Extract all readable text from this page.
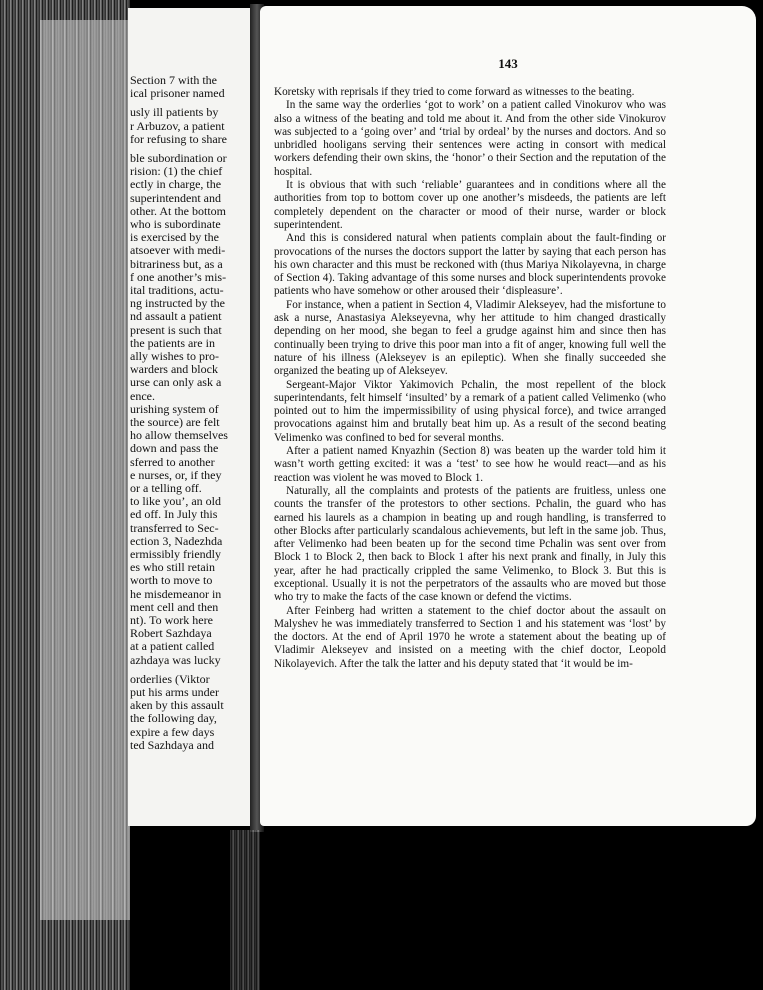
Section 7 with the
ical prisoner named
usly ill patients by
r Arbuzov, a patient
for refusing to share
ble subordination or
rision: (1) the chief
ectly in charge, the
superintendent and
other. At the bottom
who is subordinate
is exercised by the
atsoever with medi-
bitrariness but, as a
f one another’s mis-
ital traditions, actu-
ng instructed by the
nd assault a patient
present is such that
the patients are in
ally wishes to pro-
warders and block
urse can only ask a
ence.
urishing system of
the source) are felt
ho allow themselves
down and pass the
sferred to another
e nurses, or, if they
or a telling off.
to like you’, an old
ed off. In July this
transferred to Sec-
ection 3, Nadezhda
ermissibly friendly
es who still retain
worth to move to
he misdemeanor in
ment cell and then
nt). To work here
Robert Sazhdaya
at a patient called
azhdaya was lucky
orderlies (Viktor
put his arms under
aken by this assault
the following day,
expire a few days
ted Sazhdaya and
143

Koretsky with reprisals if they tried to come forward as witnesses to the beating.

In the same way the orderlies ‘got to work’ on a patient called Vinokurov who was also a witness of the beating and told me about it. And from the other side Vinokurov was subjected to a ‘going over’ and ‘trial by ordeal’ by the nurses and doctors. And so unbridled hooligans serving their sentences were acting in consort with medical workers defending their own skins, the ‘honor’ o their Section and the reputation of the hospital.

It is obvious that with such ‘reliable’ guarantees and in conditions where all the authorities from top to bottom cover up one another’s misdeeds, the patients are left completely dependent on the character or mood of their nurse, warder or block superintendent.

And this is considered natural when patients complain about the fault-finding or provocations of the nurses the doctors support the latter by saying that each person has his own character and this must be reckoned with (thus Mariya Nikolayevna, in charge of Section 4). Taking advantage of this some nurses and block superintendents provoke patients who have somehow or other aroused their ‘displeasure’.

For instance, when a patient in Section 4, Vladimir Alekseyev, had the misfortune to ask a nurse, Anastasiya Alekseyevna, why her attitude to him changed drastically depending on her mood, she began to feel a grudge against him and since then has continually been trying to drive this poor man into a fit of anger, knowing full well the nature of his illness (Alekseyev is an epileptic). When she finally succeeded she organized the beating up of Alekseyev.

Sergeant-Major Viktor Yakimovich Pchalin, the most repellent of the block superintendants, felt himself ‘insulted’ by a remark of a patient called Velimenko (who pointed out to him the impermissibility of using physical force), and twice arranged provocations against him and brutally beat him up. As a result of the second beating Velimenko was confined to bed for several months.

After a patient named Knyazhin (Section 8) was beaten up the warder told him it wasn’t worth getting excited: it was a ‘test’ to see how he would react—and as his reaction was violent he was moved to Block 1.

Naturally, all the complaints and protests of the patients are fruitless, unless one counts the transfer of the protestors to other sections. Pchalin, the guard who has earned his laurels as a champion in beating up and rough handling, is transferred to other Blocks after particularly scandalous achievements, but left in the same job. Thus, after Velimenko had been beaten up for the second time Pchalin was sent over from Block 1 to Block 2, then back to Block 1 after his next prank and finally, in July this year, after he had practically crippled the same Velimenko, to Block 3. But this is exceptional. Usually it is not the perpetrators of the assaults who are moved but those who try to make the facts of the case known or defend the victims.

After Feinberg had written a statement to the chief doctor about the assault on Malyshev he was immediately transferred to Section 1 and his statement was ‘lost’ by the doctors. At the end of April 1970 he wrote a statement about the beating up of Vladimir Alekseyev and insisted on a meeting with the chief doctor, Leopold Nikolayevich. After the talk the latter and his deputy stated that ‘it would be im-
